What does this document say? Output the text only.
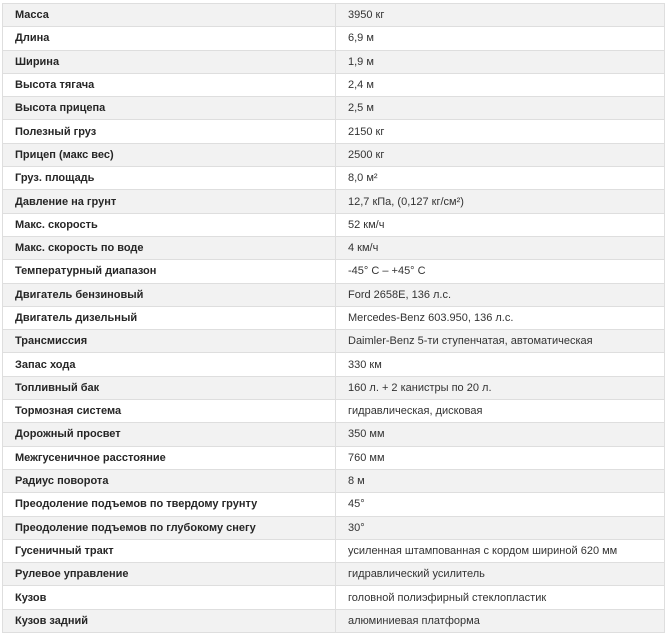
Масса	3950 кг
Длина	6,9 м
Ширина	1,9 м
Высота тягача	2,4 м
Высота прицепа	2,5 м
Полезный груз	2150 кг
Прицеп (макс вес)	2500 кг
Груз. площадь	8,0 м²
Давление на грунт	12,7 кПа, (0,127 кг/см²)
Макс. скорость	52 км/ч
Макс. скорость по воде	4 км/ч
Температурный диапазон	-45° С – +45° С
Двигатель бензиновый	Ford 2658E, 136 л.с.
Двигатель дизельный	Mercedes-Benz 603.950, 136 л.с.
Трансмиссия	Daimler-Benz 5-ти ступенчатая, автоматическая
Запас хода	330 км
Топливный бак	160 л. + 2 канистры по 20 л.
Тормозная система	гидравлическая, дисковая
Дорожный просвет	350 мм
Межгусеничное расстояние	760 мм
Радиус поворота	8 м
Преодоление подъемов по твердому грунту	45°
Преодоление подъемов по глубокому снегу	30°
Гусеничный тракт	усиленная штампованная с кордом шириной 620 мм
Рулевое управление	гидравлический усилитель
Кузов	головной полиэфирный стеклопластик
Кузов задний	алюминиевая платформа
